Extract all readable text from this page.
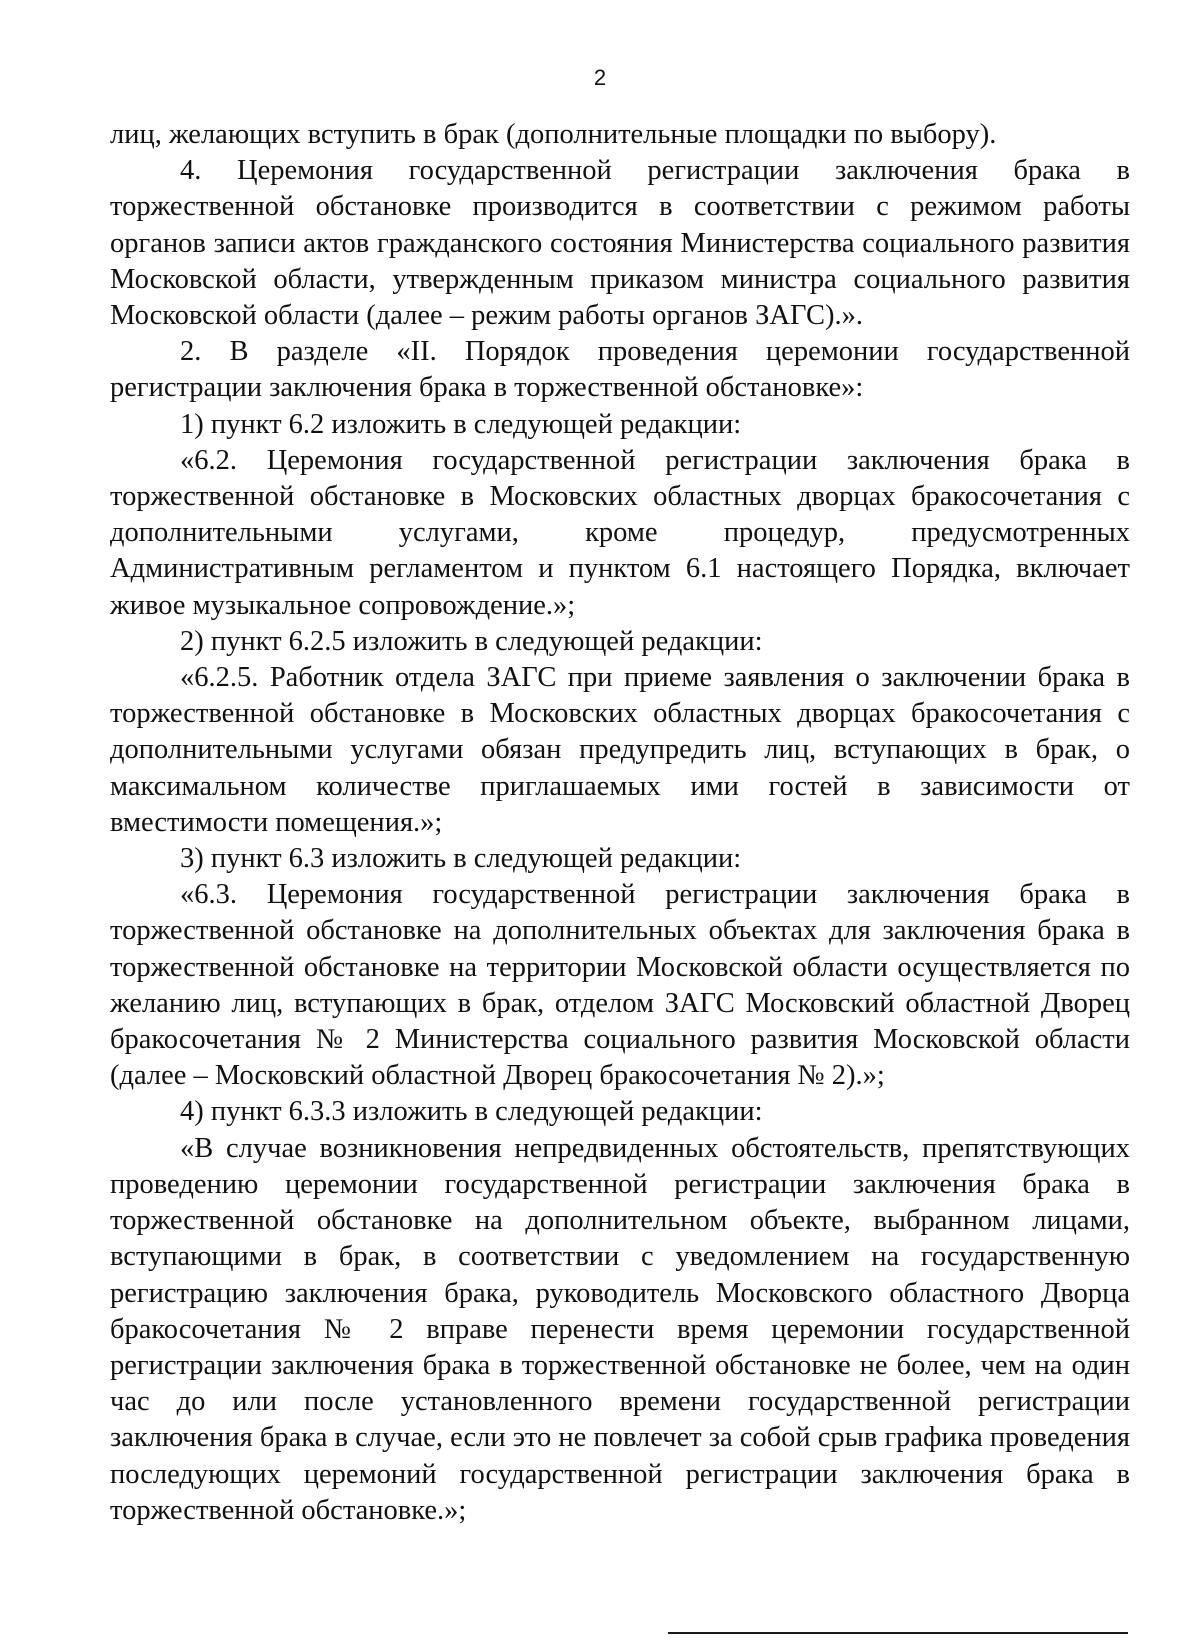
2

лиц, желающих вступить в брак (дополнительные площадки по выбору).

4. Церемония государственной регистрации заключения брака в торжественной обстановке производится в соответствии с режимом работы органов записи актов гражданского состояния Министерства социального развития Московской области, утвержденным приказом министра социального развития Московской области (далее – режим работы органов ЗАГС).».

2. В разделе «II. Порядок проведения церемонии государственной регистрации заключения брака в торжественной обстановке»:

1) пункт 6.2 изложить в следующей редакции:

«6.2. Церемония государственной регистрации заключения брака в торжественной обстановке в Московских областных дворцах бракосочетания с дополнительными услугами, кроме процедур, предусмотренных Административным регламентом и пунктом 6.1 настоящего Порядка, включает живое музыкальное сопровождение.»;

2) пункт 6.2.5 изложить в следующей редакции:

«6.2.5. Работник отдела ЗАГС при приеме заявления о заключении брака в торжественной обстановке в Московских областных дворцах бракосочетания с дополнительными услугами обязан предупредить лиц, вступающих в брак, о максимальном количестве приглашаемых ими гостей в зависимости от вместимости помещения.»;

3) пункт 6.3 изложить в следующей редакции:

«6.3. Церемония государственной регистрации заключения брака в торжественной обстановке на дополнительных объектах для заключения брака в торжественной обстановке на территории Московской области осуществляется по желанию лиц, вступающих в брак, отделом ЗАГС Московский областной Дворец бракосочетания № 2 Министерства социального развития Московской области (далее – Московский областной Дворец бракосочетания № 2).»;

4) пункт 6.3.3 изложить в следующей редакции:

«В случае возникновения непредвиденных обстоятельств, препятствующих проведению церемонии государственной регистрации заключения брака в торжественной обстановке на дополнительном объекте, выбранном лицами, вступающими в брак, в соответствии с уведомлением на государственную регистрацию заключения брака, руководитель Московского областного Дворца бракосочетания № 2 вправе перенести время церемонии государственной регистрации заключения брака в торжественной обстановке не более, чем на один час до или после установленного времени государственной регистрации заключения брака в случае, если это не повлечет за собой срыв графика проведения последующих церемоний государственной регистрации заключения брака в торжественной обстановке.»;
